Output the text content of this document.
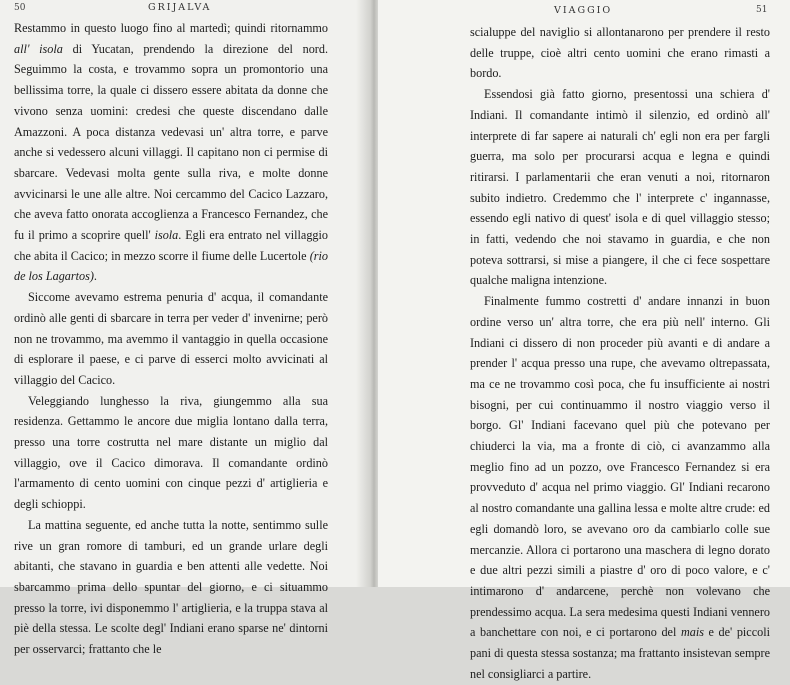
50	GRIJALVA

Restammo in questo luogo fino al martedì; quindi ritornammo all' isola di Yucatan, prendendo la direzione del nord. Seguimmo la costa, e trovammo sopra un promontorio una bellissima torre, la quale ci dissero essere abitata da donne che vivono senza uomini: credesi che queste discendano dalle Amazzoni. A poca distanza vedevasi un' altra torre, e parve anche si vedessero alcuni villaggi. Il capitano non ci permise di sbarcare. Vedevasi molta gente sulla riva, e molte donne avvicinarsi le une alle altre. Noi cercammo del Cacico Lazzaro, che aveva fatto onorata accoglienza a Francesco Fernandez, che fu il primo a scoprire quell' isola. Egli era entrato nel villaggio che abita il Cacico; in mezzo scorre il fiume delle Lucertole (rio de los Lagartos).

Siccome avevamo estrema penuria d' acqua, il comandante ordinò alle genti di sbarcare in terra per veder d' invenirne; però non ne trovammo, ma avemmo il vantaggio in quella occasione di esplorare il paese, e ci parve di esserci molto avvicinati al villaggio del Cacico.

Veleggiando lunghesso la riva, giungemmo alla sua residenza. Gettammo le ancore due miglia lontano dalla terra, presso una torre costrutta nel mare distante un miglio dal villaggio, ove il Cacico dimorava. Il comandante ordinò l'armamento di cento uomini con cinque pezzi d' artiglieria e degli schioppi.

La mattina seguente, ed anche tutta la notte, sentimmo sulle rive un gran romore di tamburi, ed un grande urlare degli abitanti, che stavano in guardia e ben attenti alle vedette. Noi sbarcammo prima dello spuntar del giorno, e ci situammo presso la torre, ivi disponemmo l' artiglieria, e la truppa stava al piè della stessa. Le scolte degl' Indiani erano sparse ne' dintorni per osservarci; frattanto che le

VIAGGIO	51

scialuppe del naviglio si allontanarono per prendere il resto delle truppe, cioè altri cento uomini che erano rimasti a bordo.

Essendosi già fatto giorno, presentossi una schiera d' Indiani. Il comandante intimò il silenzio, ed ordinò all' interprete di far sapere ai naturali ch' egli non era per fargli guerra, ma solo per procurarsi acqua e legna e quindi ritirarsi. I parlamentarii che eran venuti a noi, ritornaron subito indietro. Credemmo che l' interprete c' ingannasse, essendo egli nativo di quest' isola e di quel villaggio stesso; in fatti, vedendo che noi stavamo in guardia, e che non poteva sottrarsi, si mise a piangere, il che ci fece sospettare qualche maligna intenzione.

Finalmente fummo costretti d' andare innanzi in buon ordine verso un' altra torre, che era più nell' interno. Gli Indiani ci dissero di non proceder più avanti e di andare a prender l' acqua presso una rupe, che avevamo oltrepassata, ma ce ne trovammo così poca, che fu insufficiente ai nostri bisogni, per cui continuammo il nostro viaggio verso il borgo. Gl' Indiani facevano quel più che potevano per chiuderci la via, ma a fronte di ciò, ci avanzammo alla meglio fino ad un pozzo, ove Francesco Fernandez si era provveduto d' acqua nel primo viaggio. Gl' Indiani recarono al nostro comandante una gallina lessa e molte altre crude: ed egli domandò loro, se avevano oro da cambiarlo colle sue mercanzie. Allora ci portarono una maschera di legno dorato e due altri pezzi simili a piastre d' oro di poco valore, e c' intimarono d' andarcene, perchè non volevano che prendessimo acqua. La sera medesima questi Indiani vennero a banchettare con noi, e ci portarono del mais e de' piccoli pani di questa stessa sostanza; ma frattanto insistevan sempre nel consigliarci a partire.
